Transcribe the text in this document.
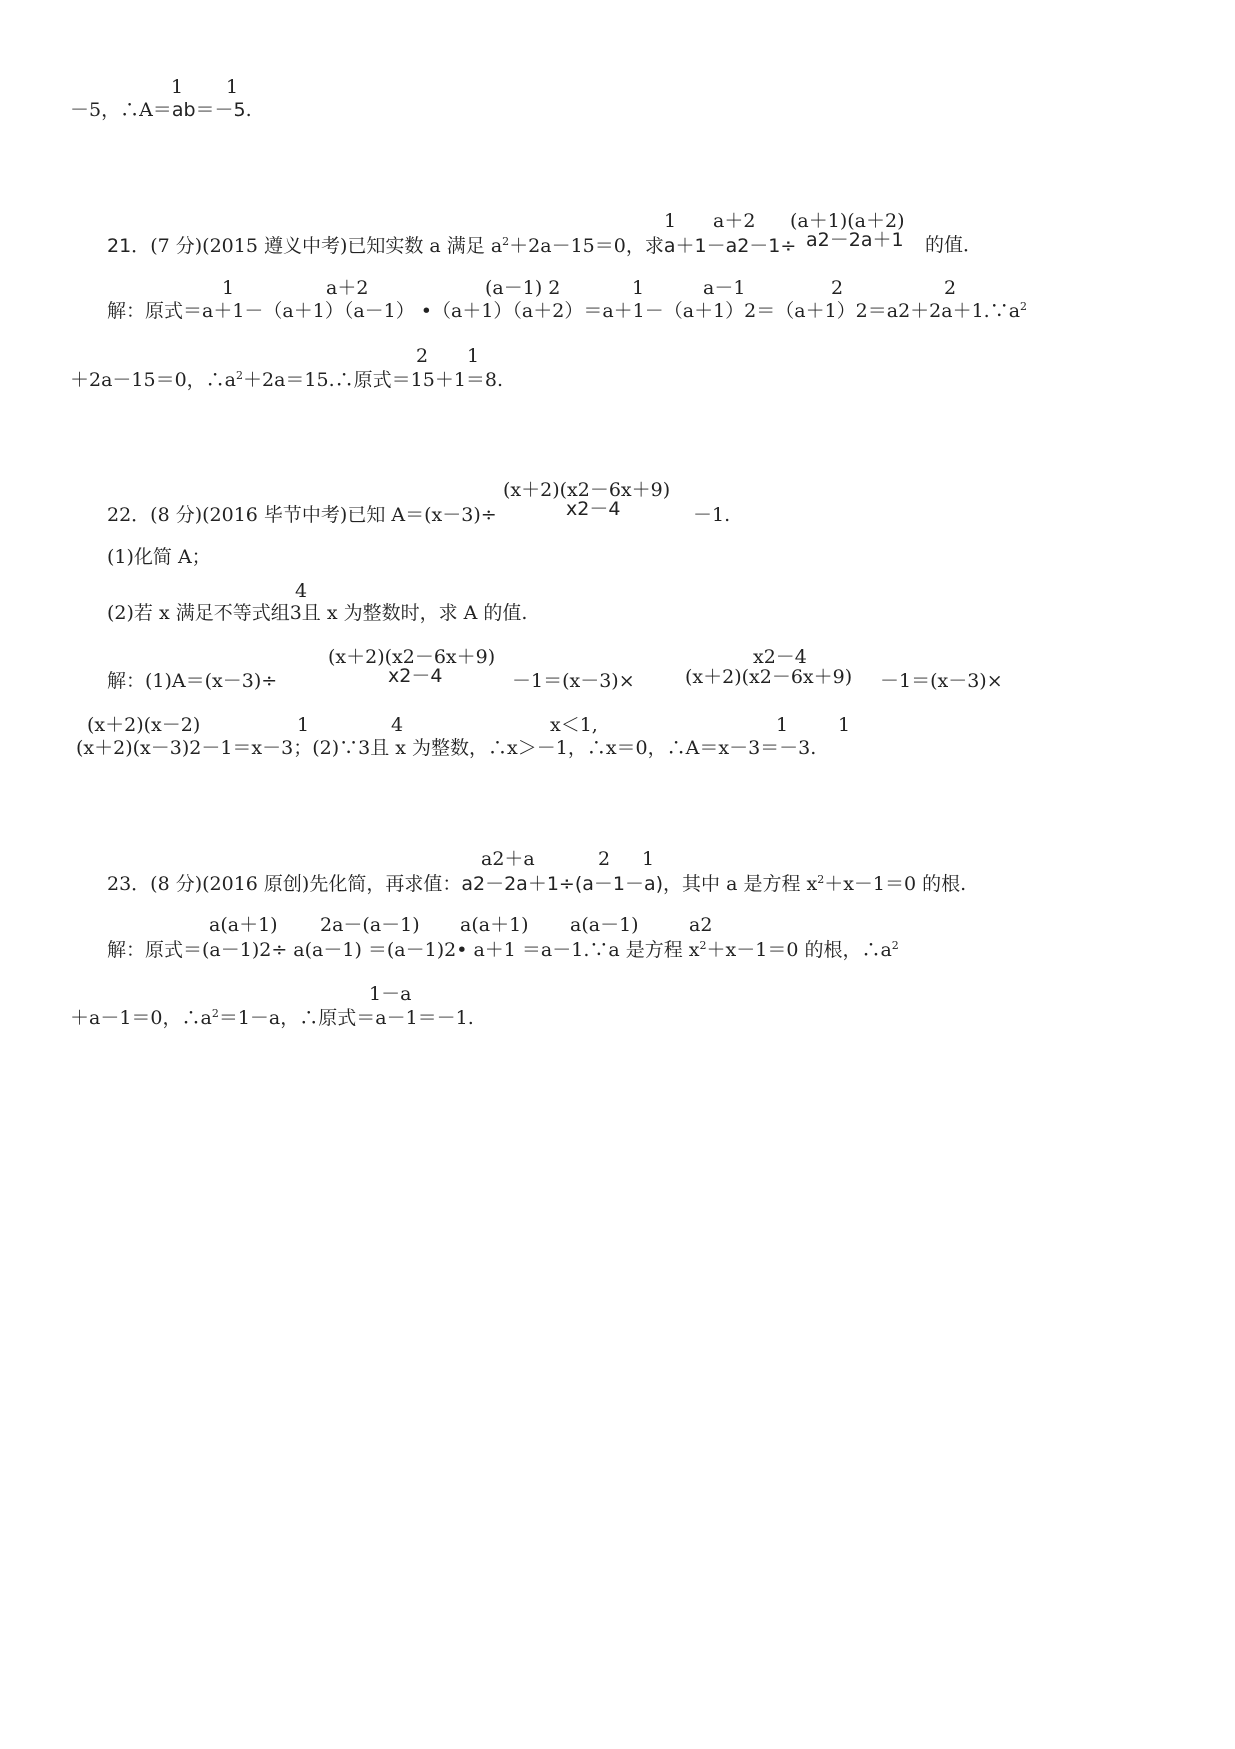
1 1
－5，∴A＝ab＝－5.
1 a＋2 (a＋1)(a＋2)
21．(7 分)(2015 遵义中考)已知实数 a 满足 $a^2+2a-15=0$，求a＋1－a2－1÷ a2－2a＋1 的值．
1	a＋2	(a－1) 2	1	a－1	2	2
解：原式＝a＋1－（a＋1）（a－1） $•(a+1)(a+2)=a+1-(a+1)2=(a+1)2=a2+2a+1.\because a^2$
2 1
＋2a－15＝0，$\therefore a^2+2a=15.\therefore$原式＝15＋1＝8.
(x＋2)(x2－6x＋9)
22．(8 分)(2016 毕节中考)已知 A＝(x－3)÷	x2－4	－1.
(1)化简 A；
4
(2)若 x 满足不等式组3且 x 为整数时，求 A 的值.
(x＋2)(x2－6x＋9)	x2－4
解：(1)A＝(x－3)÷	x2－4	－1＝(x－3)×	(x＋2)(x2－6x＋9) －1＝(x－3)×
(x＋2)(x－2)	1	4	x＜1,	1	1
(x＋2)(x－3)2－1＝x－3；(2)∵3且 x 为整数，∴x＞－1，∴x＝0，∴A＝x－3＝－3.
a2＋a	2 1
23．(8 分)(2016 原创)先化简，再求值：a2－2a＋1÷(a－1－a)，其中 a 是方程 $x^2+x-1=0$ 的根.
a(a＋1) 2a－(a－1) a(a＋1) a(a－1)	a2
解：原式＝(a－1)2÷ a(a－1) ＝(a－1)2• a＋1 ＝a－1.∵a 是方程 $x^2+x-1=0$ 的根，$\therefore a^2$
1－a
＋a－1＝0，$\therefore a^2=1-a$，∴原式＝a－1＝－1.
